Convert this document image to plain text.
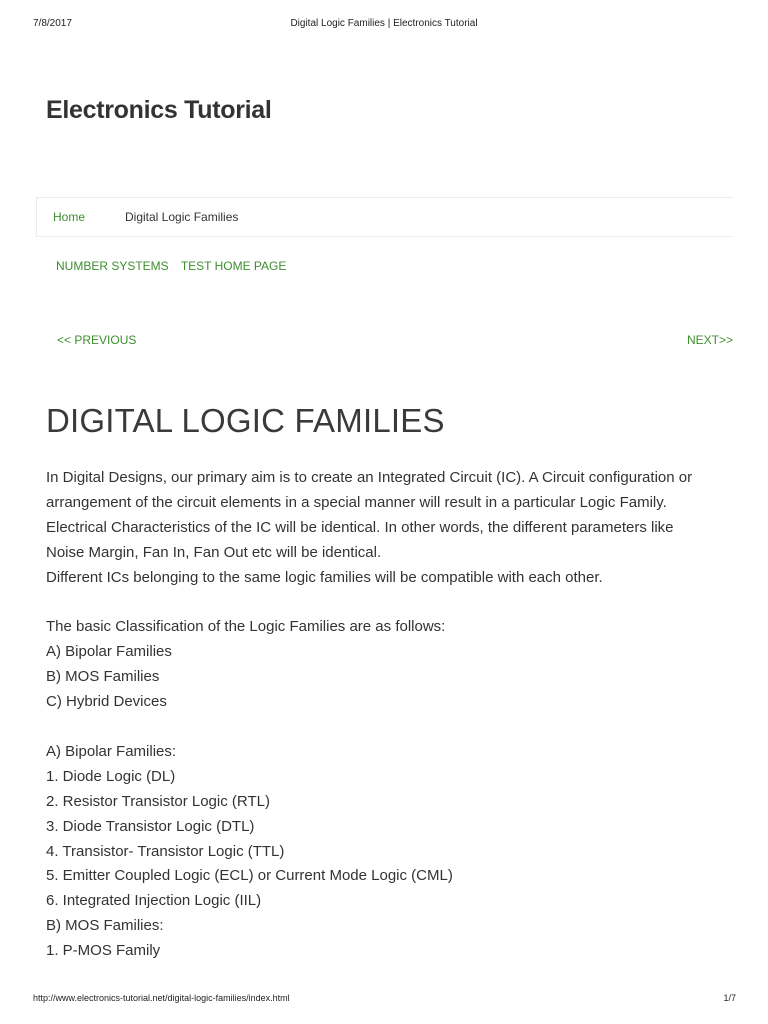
7/8/2017	Digital Logic Families | Electronics Tutorial
Electronics Tutorial
Home	Digital Logic Families
NUMBER SYSTEMS TEST HOME PAGE
<< PREVIOUS	NEXT>>
DIGITAL LOGIC FAMILIES
In Digital Designs, our primary aim is to create an Integrated Circuit (IC). A Circuit configuration or
arrangement of the circuit elements in a special manner will result in a particular Logic Family.
Electrical Characteristics of the IC will be identical. In other words, the different parameters like
Noise Margin, Fan In, Fan Out etc will be identical.
Different ICs belonging to the same logic families will be compatible with each other.
The basic Classification of the Logic Families are as follows:
A) Bipolar Families
B) MOS Families
C) Hybrid Devices
A) Bipolar Families:
1. Diode Logic (DL)
2. Resistor Transistor Logic (RTL)
3. Diode Transistor Logic (DTL)
4. Transistor- Transistor Logic (TTL)
5. Emitter Coupled Logic (ECL) or Current Mode Logic (CML)
6. Integrated Injection Logic (IIL)
B) MOS Families:
1. P-MOS Family
http://www.electronics-tutorial.net/digital-logic-families/index.html	1/7
